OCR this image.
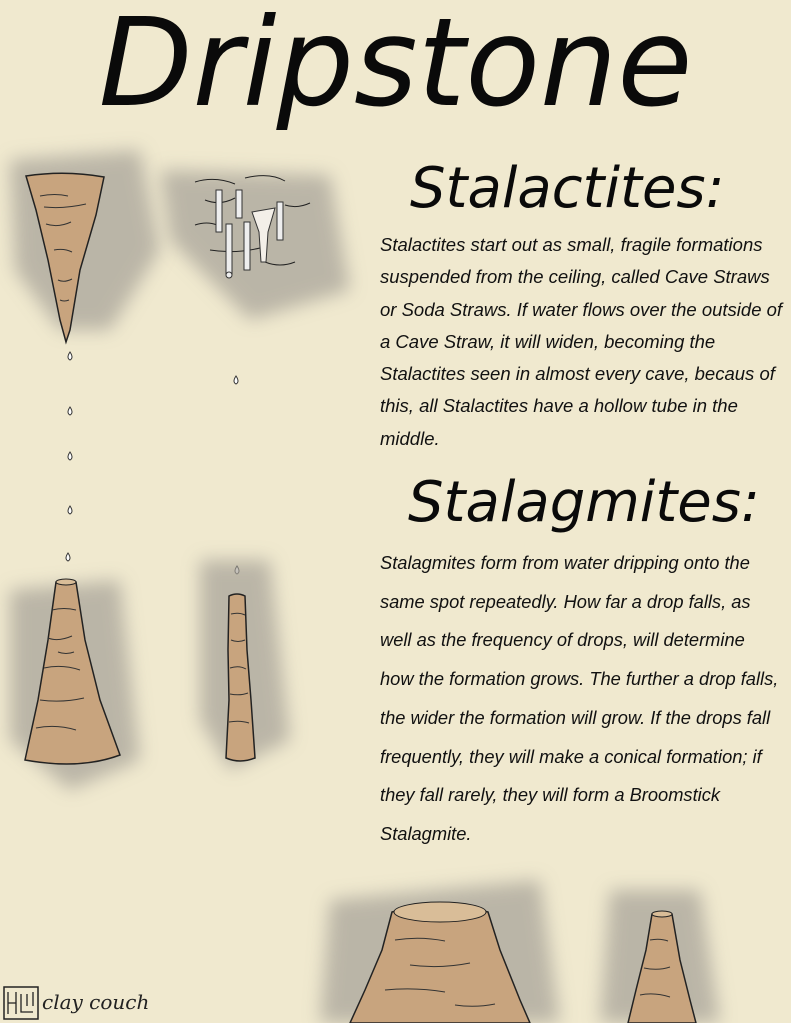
Dripstone
Stalactites:
Stalactites start out as small, fragile formations suspended from the ceiling, called Cave Straws or Soda Straws. If water flows over the outside of a Cave Straw, it will widen, becoming the Stalactites seen in almost every cave, becaus of this, all Stalactites have a hollow tube in the middle.
Stalagmites:
Stalagmites form from water dripping onto the same spot repeatedly. How far a drop falls, as well as the frequency of drops, will determine how the formation grows. The further a drop falls, the wider the formation will grow. If the drops fall frequently, they will make a conical formation; if they fall rarely, they will form a Broomstick Stalagmite.
clay couch
